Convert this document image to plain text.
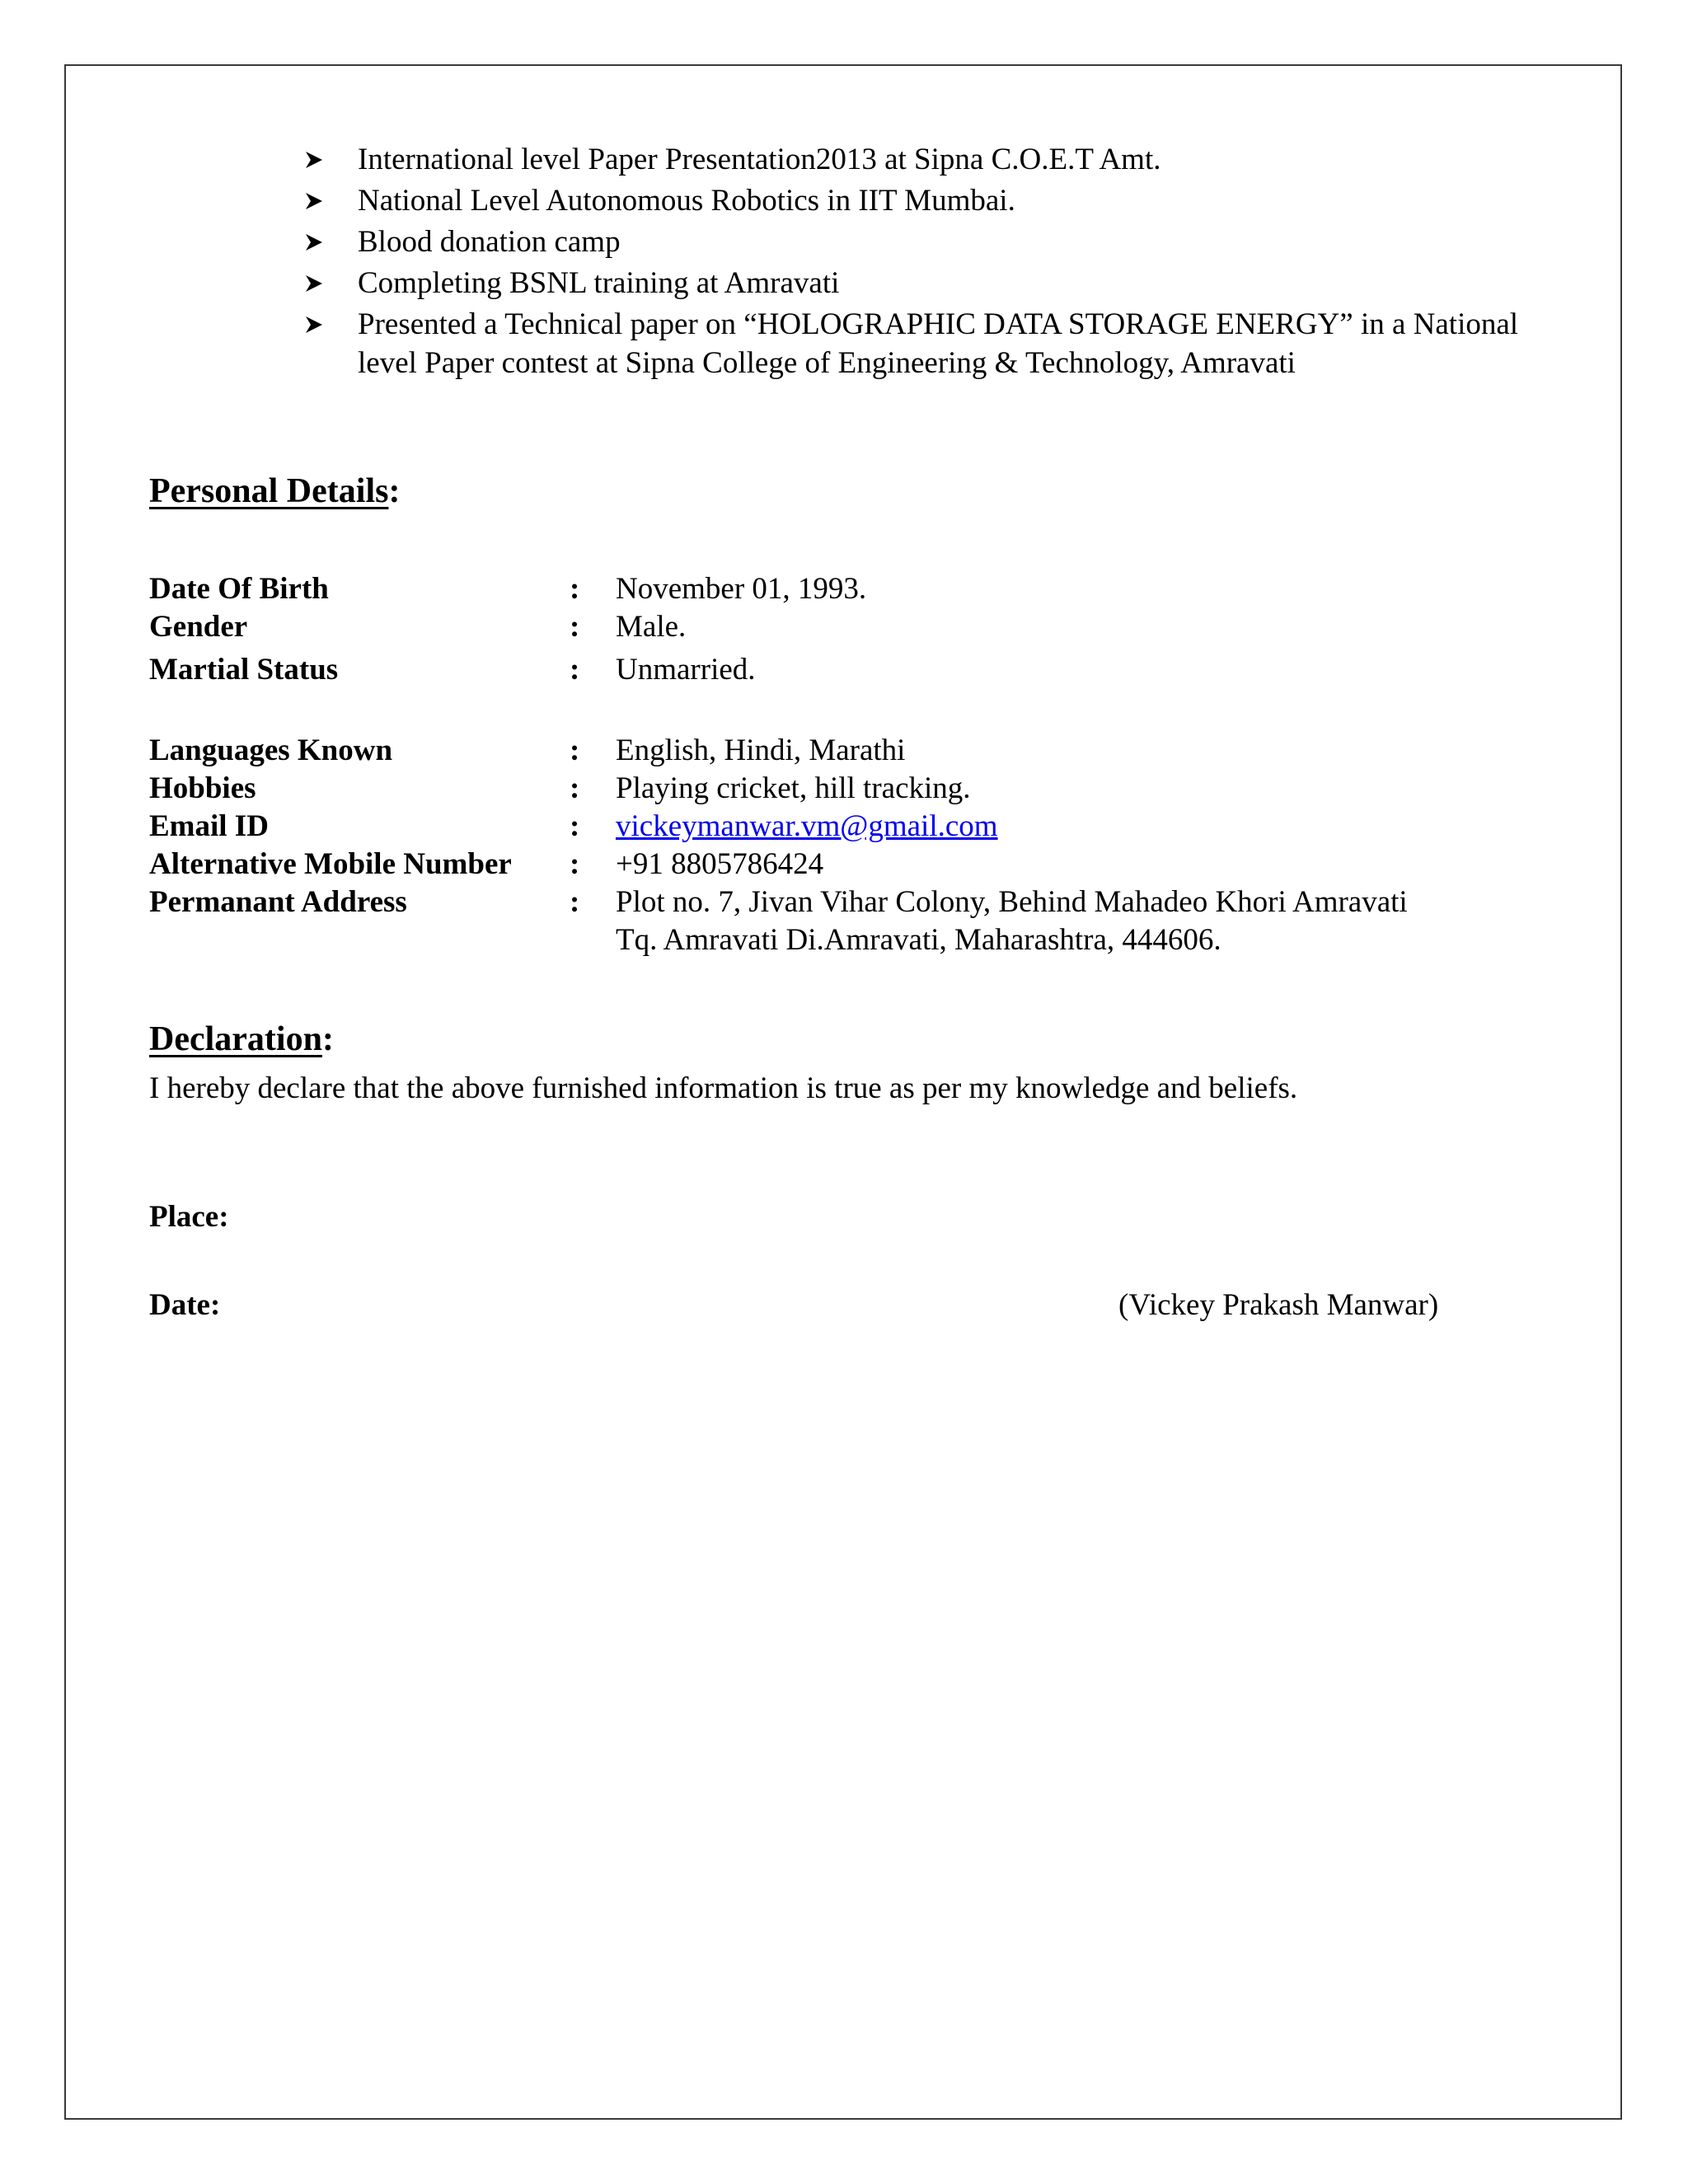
International level Paper Presentation2013 at Sipna C.O.E.T Amt.
National Level Autonomous Robotics in IIT Mumbai.
Blood donation camp
Completing BSNL training at Amravati
Presented a Technical paper on “HOLOGRAPHIC DATA STORAGE ENERGY” in a National level Paper contest at Sipna College of Engineering & Technology, Amravati
Personal Details:
Date Of Birth	:	November 01, 1993.
Gender	:	Male.
Martial Status	:	Unmarried.
Languages Known	:	English, Hindi, Marathi
Hobbies	:	Playing cricket, hill tracking.
Email ID	:	vickeymanwar.vm@gmail.com
Alternative Mobile Number	:	+91 8805786424
Permanant Address	:	Plot no. 7, Jivan Vihar Colony, Behind Mahadeo Khori Amravati
Tq. Amravati Di.Amravati, Maharashtra, 444606.
Declaration:
I hereby declare that the above furnished information is true as per my knowledge and beliefs.
Place:
Date:	(Vickey Prakash Manwar)
